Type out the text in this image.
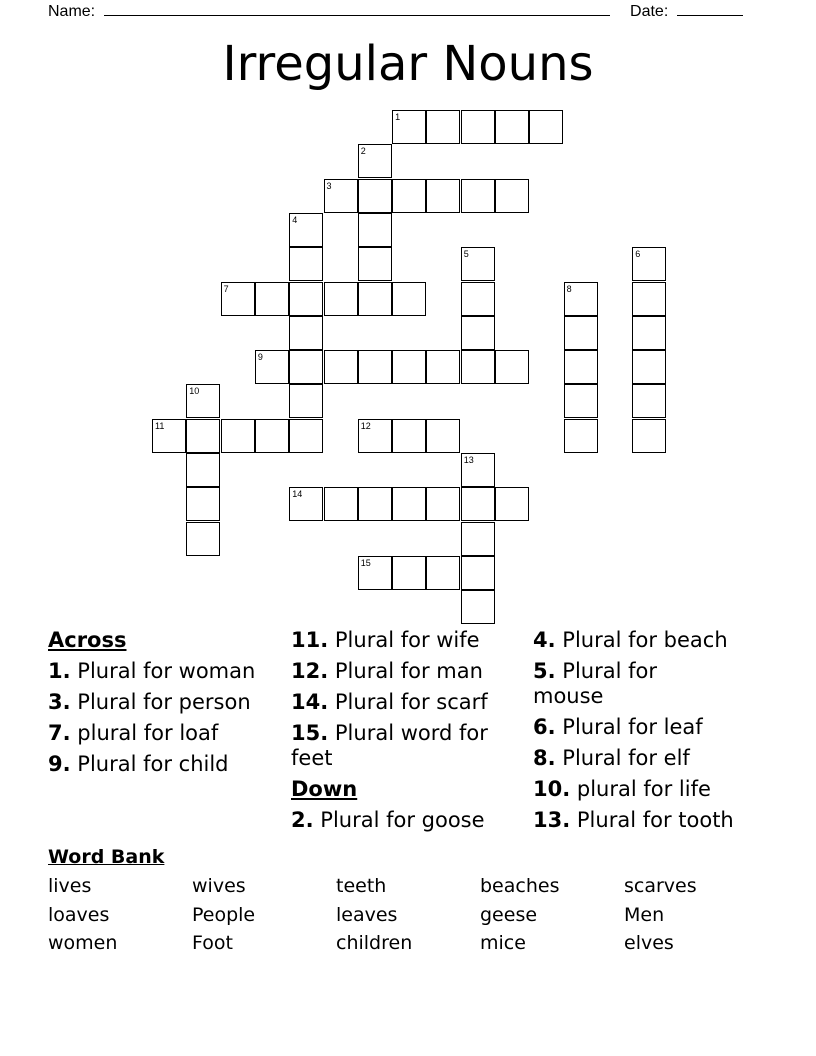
Name:	Date:
Irregular Nouns
1
3
7
9
11	12
14
15
2
4
5	6
8
10
13
Across
1. Plural for woman
3. Plural for person
7. plural for loaf
9. Plural for child
11. Plural for wife
12. Plural for man
14. Plural for scarf
15. Plural word for feet
Down
2. Plural for goose
4. Plural for beach
5. Plural for mouse
6. Plural for leaf
8. Plural for elf
10. plural for life
13. Plural for tooth
Word Bank
lives	wives	teeth	beaches	scarves
loaves	People	leaves	geese	Men
women	Foot	children	mice	elves
